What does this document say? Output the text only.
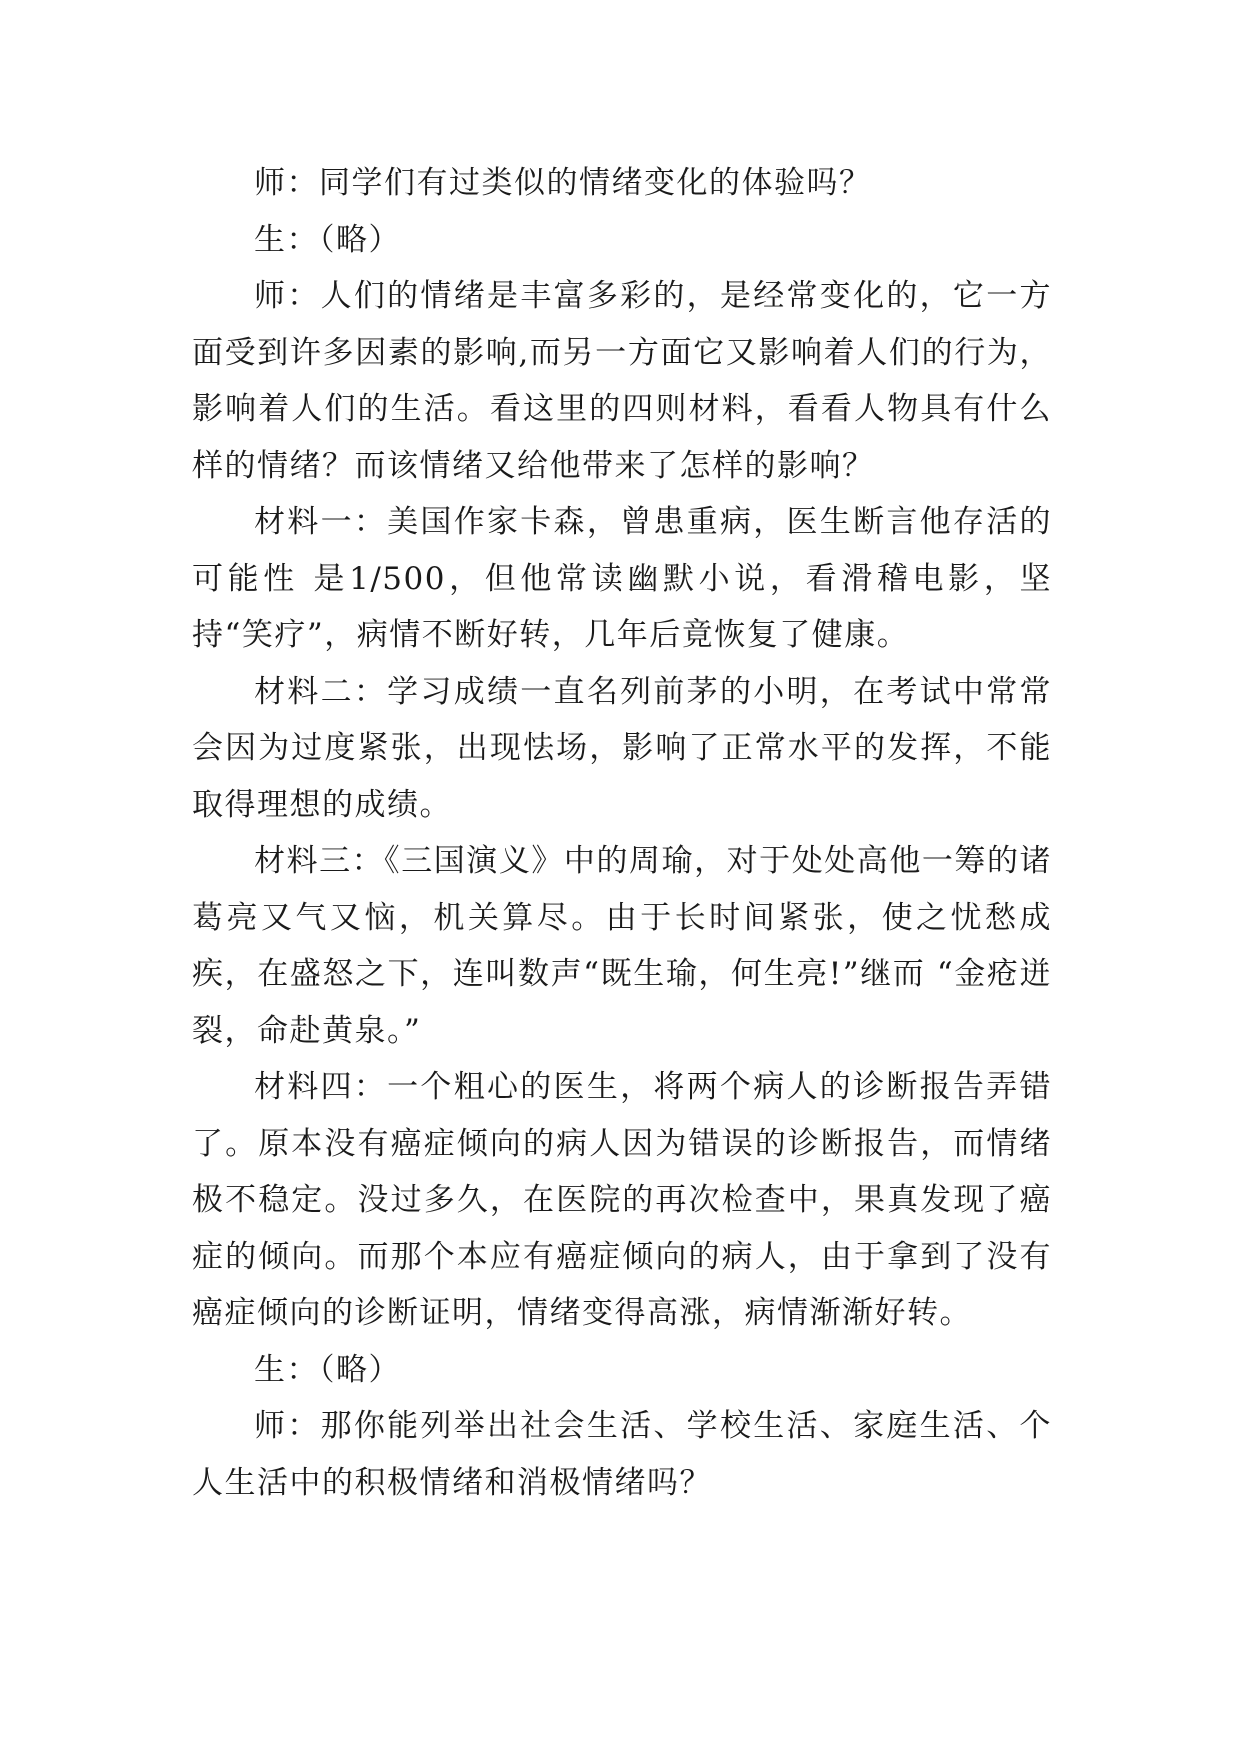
师：同学们有过类似的情绪变化的体验吗？

生：（略）

师：人们的情绪是丰富多彩的，是经常变化的，它一方面受到许多因素的影响,而另一方面它又影响着人们的行为，影响着人们的生活。看这里的四则材料，看看人物具有什么样的情绪？而该情绪又给他带来了怎样的影响？

材料一：美国作家卡森，曾患重病，医生断言他存活的可能性 是1/500，但他常读幽默小说，看滑稽电影，坚持“笑疗”，病情不断好转，几年后竟恢复了健康。

材料二：学习成绩一直名列前茅的小明，在考试中常常会因为过度紧张，出现怯场，影响了正常水平的发挥，不能取得理想的成绩。

材料三：《三国演义》中的周瑜，对于处处高他一筹的诸葛亮又气又恼，机关算尽。由于长时间紧张，使之忧愁成疾，在盛怒之下，连叫数声“既生瑜，何生亮!”继而 “金疮迸裂，命赴黄泉。”

材料四：一个粗心的医生，将两个病人的诊断报告弄错了。原本没有癌症倾向的病人因为错误的诊断报告，而情绪极不稳定。没过多久，在医院的再次检查中，果真发现了癌症的倾向。而那个本应有癌症倾向的病人，由于拿到了没有癌症倾向的诊断证明，情绪变得高涨，病情渐渐好转。

生：（略）

师：那你能列举出社会生活、学校生活、家庭生活、个人生活中的积极情绪和消极情绪吗？
